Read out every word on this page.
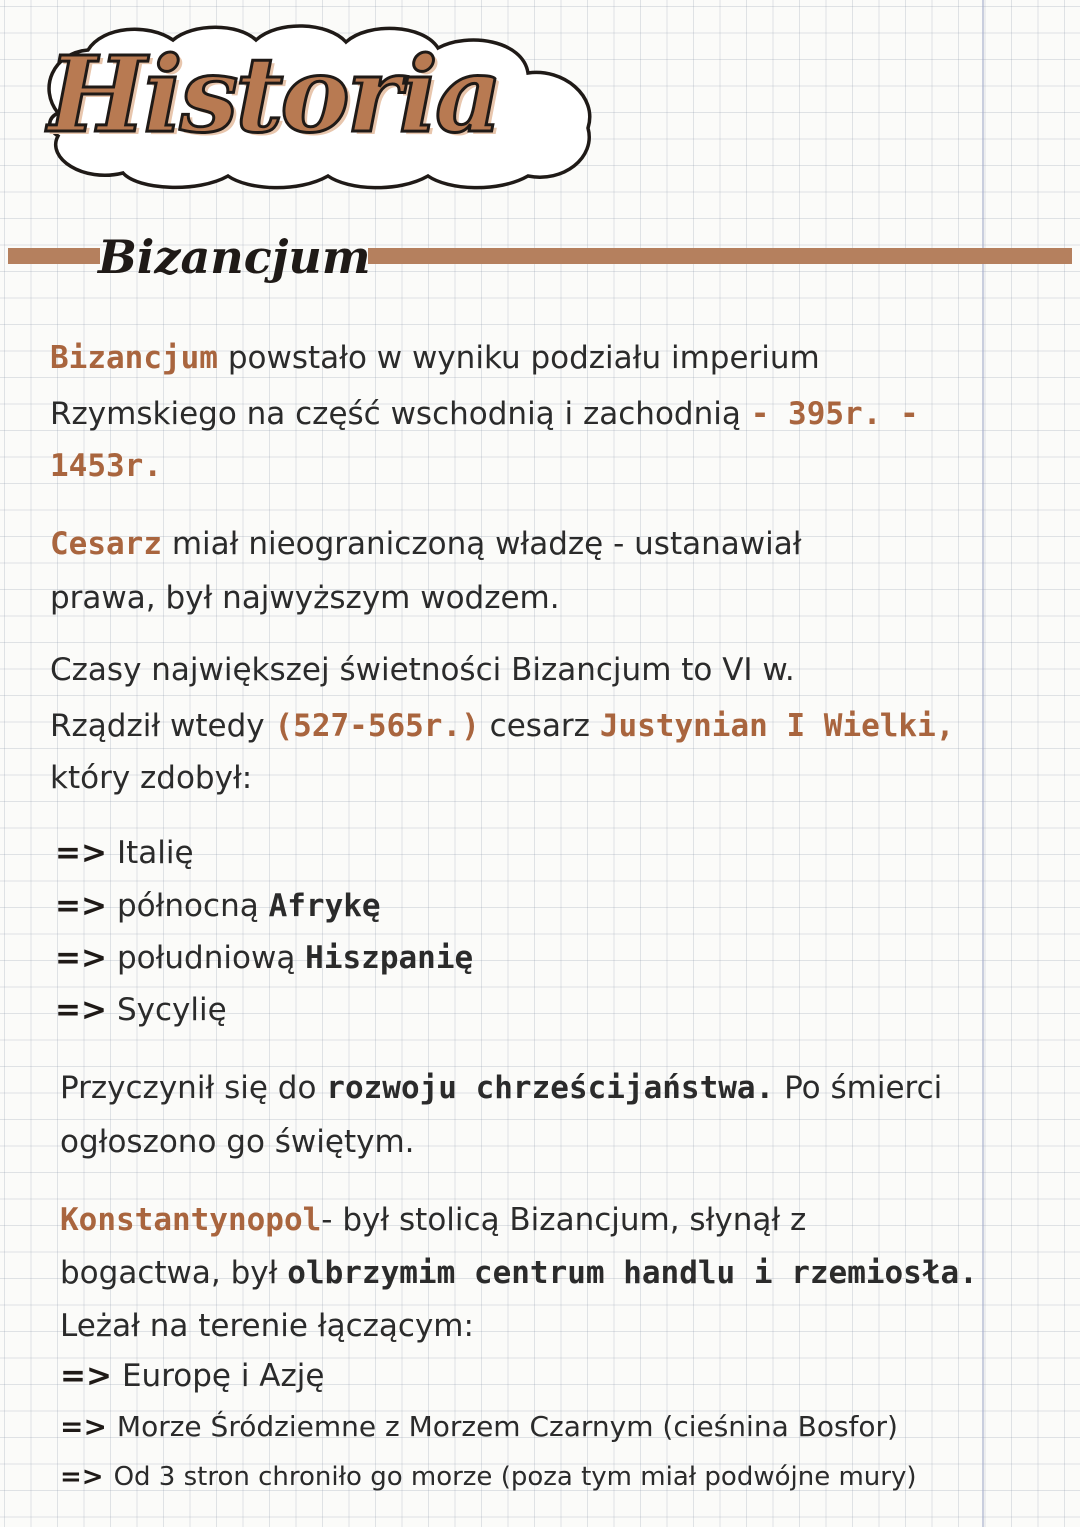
Historia
Bizancjum
Bizancjum powstało w wyniku podziału imperium
Rzymskiego na część wschodnią i zachodnią - 395r. -
1453r.
Cesarz miał nieograniczoną władzę - ustanawiał
prawa, był najwyższym wodzem.
Czasy największej świetności Bizancjum to VI w.
Rządził wtedy (527-565r.) cesarz Justynian I Wielki,
który zdobył:
=> Italię
=> północną Afrykę
=> południową Hiszpanię
=> Sycylię
Przyczynił się do rozwoju chrześcijaństwa. Po śmierci
ogłoszono go świętym.
Konstantynopol- był stolicą Bizancjum, słynął z
bogactwa, był olbrzymim centrum handlu i rzemiosła.
Leżał na terenie łączącym:
=> Europę i Azję
=> Morze Śródziemne z Morzem Czarnym (cieśnina Bosfor)
=> Od 3 stron chroniło go morze (poza tym miał podwójne mury)
